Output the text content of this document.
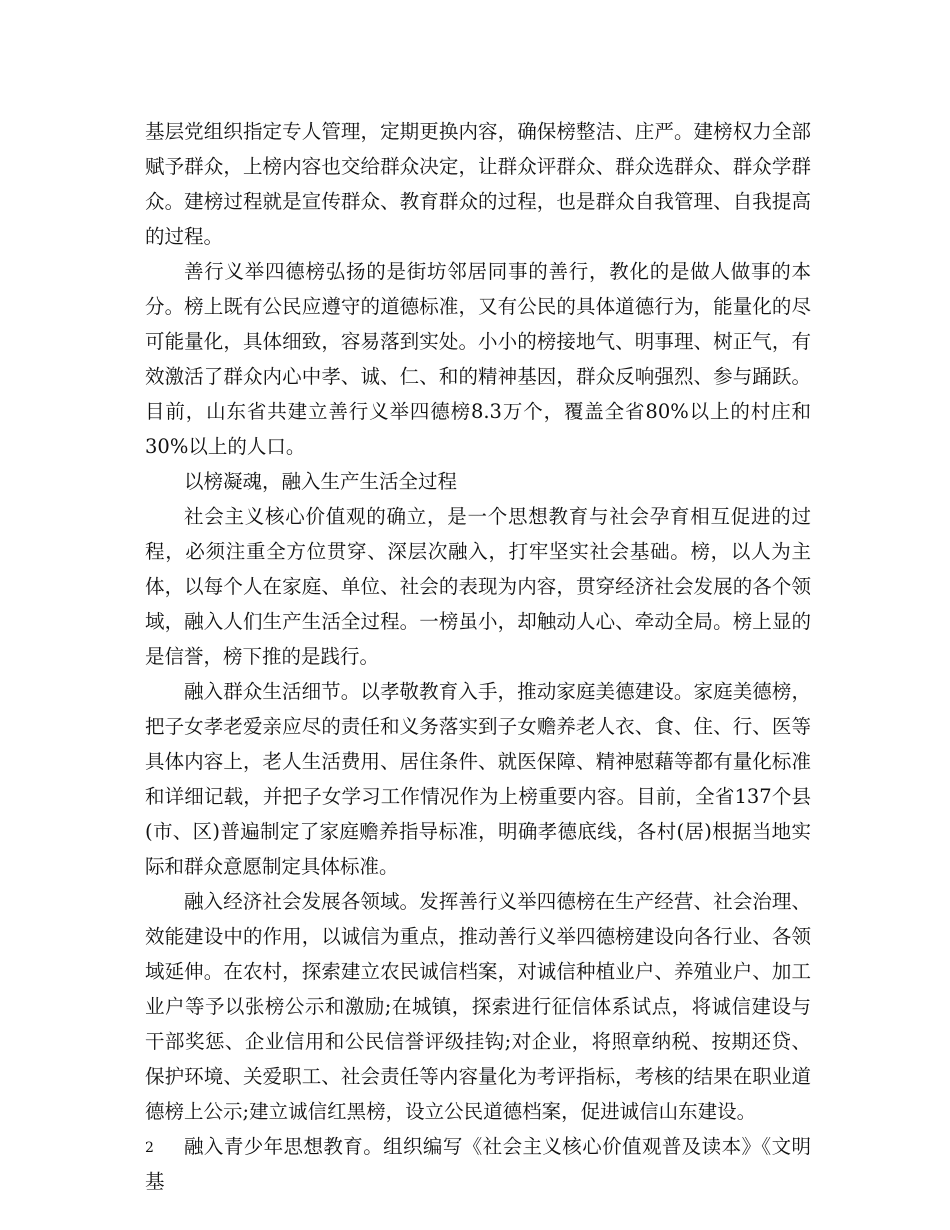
基层党组织指定专人管理，定期更换内容，确保榜整洁、庄严。建榜权力全部赋予群众，上榜内容也交给群众决定，让群众评群众、群众选群众、群众学群众。建榜过程就是宣传群众、教育群众的过程，也是群众自我管理、自我提高的过程。

善行义举四德榜弘扬的是街坊邻居同事的善行，教化的是做人做事的本分。榜上既有公民应遵守的道德标准，又有公民的具体道德行为，能量化的尽可能量化，具体细致，容易落到实处。小小的榜接地气、明事理、树正气，有效激活了群众内心中孝、诚、仁、和的精神基因，群众反响强烈、参与踊跃。目前，山东省共建立善行义举四德榜8.3万个，覆盖全省80%以上的村庄和30%以上的人口。

以榜凝魂，融入生产生活全过程

社会主义核心价值观的确立，是一个思想教育与社会孕育相互促进的过程，必须注重全方位贯穿、深层次融入，打牢坚实社会基础。榜，以人为主体，以每个人在家庭、单位、社会的表现为内容，贯穿经济社会发展的各个领域，融入人们生产生活全过程。一榜虽小，却触动人心、牵动全局。榜上显的是信誉，榜下推的是践行。

融入群众生活细节。以孝敬教育入手，推动家庭美德建设。家庭美德榜，把子女孝老爱亲应尽的责任和义务落实到子女赡养老人衣、食、住、行、医等具体内容上，老人生活费用、居住条件、就医保障、精神慰藉等都有量化标准和详细记载，并把子女学习工作情况作为上榜重要内容。目前，全省137个县(市、区)普遍制定了家庭赡养指导标准，明确孝德底线，各村(居)根据当地实际和群众意愿制定具体标准。

融入经济社会发展各领域。发挥善行义举四德榜在生产经营、社会治理、效能建设中的作用，以诚信为重点，推动善行义举四德榜建设向各行业、各领域延伸。在农村，探索建立农民诚信档案，对诚信种植业户、养殖业户、加工业户等予以张榜公示和激励;在城镇，探索进行征信体系试点，将诚信建设与干部奖惩、企业信用和公民信誉评级挂钩;对企业，将照章纳税、按期还贷、保护环境、关爱职工、社会责任等内容量化为考评指标，考核的结果在职业道德榜上公示;建立诚信红黑榜，设立公民道德档案，促进诚信山东建设。

融入青少年思想教育。组织编写《社会主义核心价值观普及读本》《文明基

2
